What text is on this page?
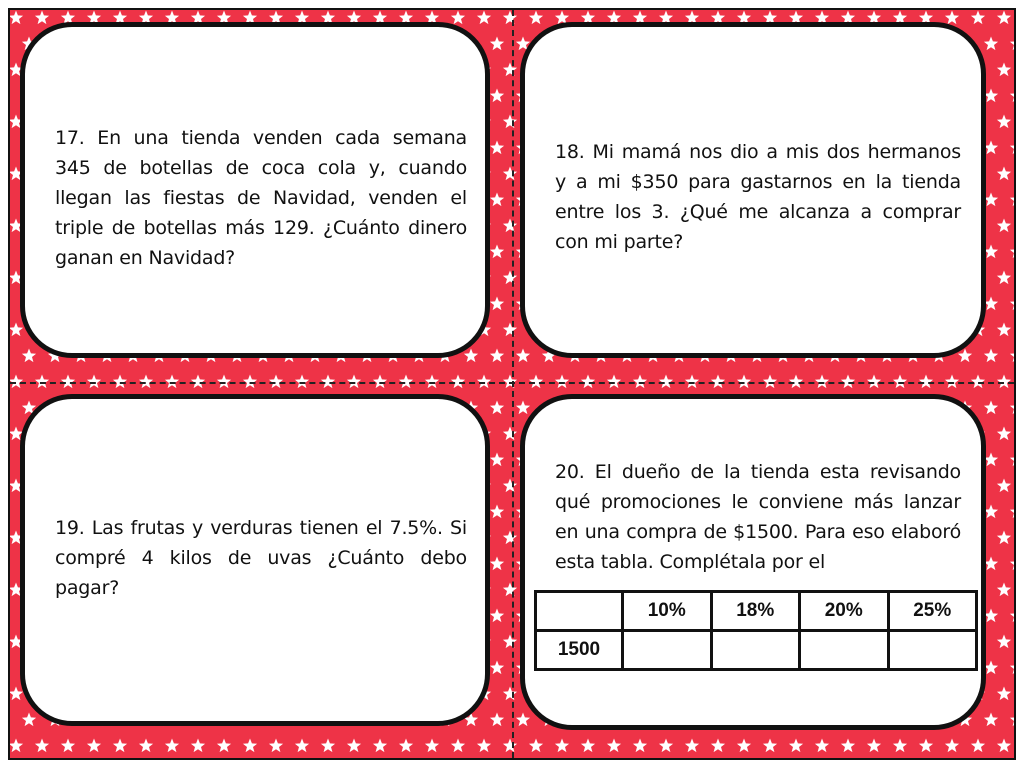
17. En una tienda venden cada semana 345 de botellas de coca cola y, cuando llegan las fiestas de Navidad, venden el triple de botellas más 129. ¿Cuánto dinero ganan en Navidad?
18. Mi mamá nos dio a mis dos hermanos y a mi $350 para gastarnos en la tienda entre los 3. ¿Qué me alcanza a comprar con mi parte?
19. Las frutas y verduras tienen el 7.5%. Si compré 4 kilos de uvas ¿Cuánto debo pagar?
20. El dueño de la tienda esta revisando qué promociones le conviene más lanzar en una compra de $1500. Para eso elaboró esta tabla. Complétala por el
	10%	18%	20%	25%
1500				
